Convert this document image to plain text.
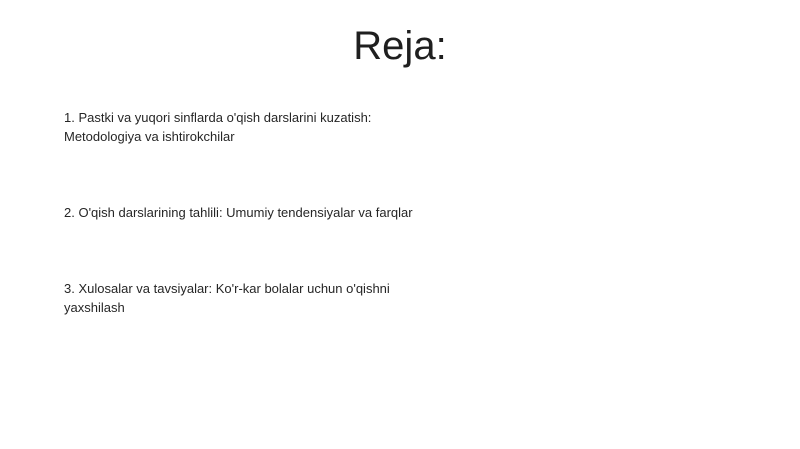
Reja:
1. Pastki va yuqori sinflarda o'qish darslarini kuzatish: Metodologiya va ishtirokchilar
2. O'qish darslarining tahlili: Umumiy tendensiyalar va farqlar
3. Xulosalar va tavsiyalar: Ko'r-kar bolalar uchun o'qishni yaxshilash
